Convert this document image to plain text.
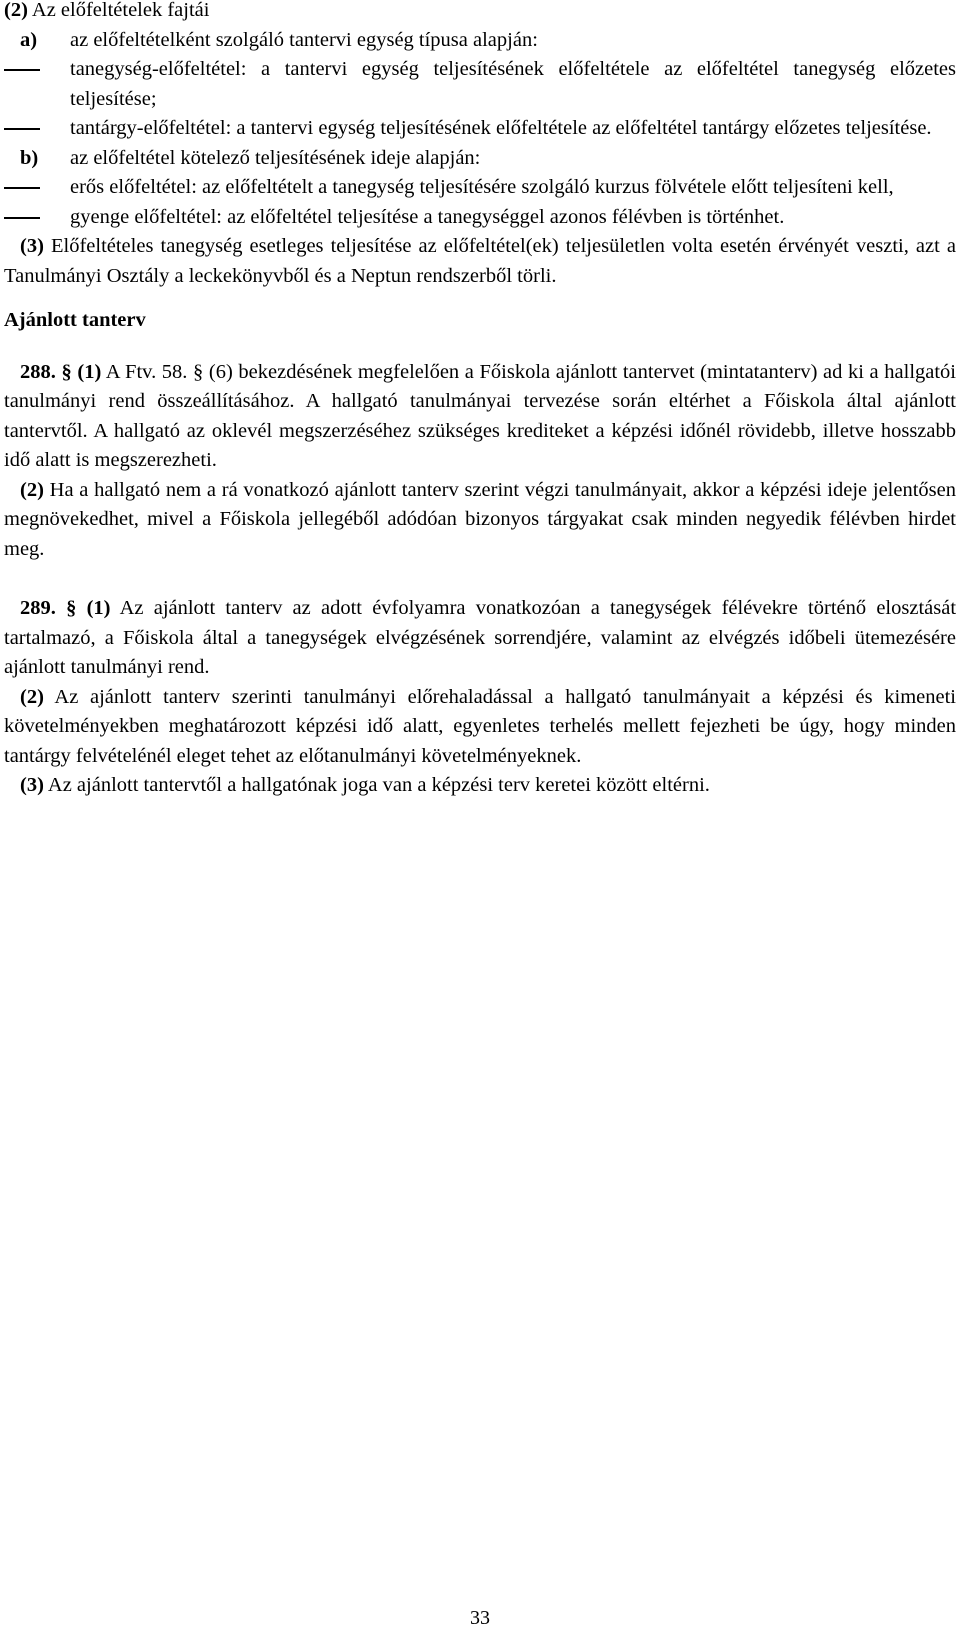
(2) Az előfeltételek fajtái
a) az előfeltételként szolgáló tantervi egység típusa alapján:
tanegység-előfeltétel: a tantervi egység teljesítésének előfeltétele az előfeltétel tanegység előzetes teljesítése;
tantárgy-előfeltétel: a tantervi egység teljesítésének előfeltétele az előfeltétel tantárgy előzetes teljesítése.
b) az előfeltétel kötelező teljesítésének ideje alapján:
erős előfeltétel: az előfeltételt a tanegység teljesítésére szolgáló kurzus fölvétele előtt teljesíteni kell,
gyenge előfeltétel: az előfeltétel teljesítése a tanegységgel azonos félévben is történhet.
(3) Előfeltételes tanegység esetleges teljesítése az előfeltétel(ek) teljesületlen volta esetén érvényét veszti, azt a Tanulmányi Osztály a leckekönyvből és a Neptun rendszerből törli.
Ajánlott tanterv
288. § (1) A Ftv. 58. § (6) bekezdésének megfelelően a Főiskola ajánlott tantervet (mintatanterv) ad ki a hallgatói tanulmányi rend összeállításához. A hallgató tanulmányai tervezése során eltérhet a Főiskola által ajánlott tantervtől. A hallgató az oklevél megszerzéséhez szükséges krediteket a képzési időnél rövidebb, illetve hosszabb idő alatt is megszerezheti.
(2) Ha a hallgató nem a rá vonatkozó ajánlott tanterv szerint végzi tanulmányait, akkor a képzési ideje jelentősen megnövekedhet, mivel a Főiskola jellegéből adódóan bizonyos tárgyakat csak minden negyedik félévben hirdet meg.
289. § (1) Az ajánlott tanterv az adott évfolyamra vonatkozóan a tanegységek félévekre történő elosztását tartalmazó, a Főiskola által a tanegységek elvégzésének sorrendjére, valamint az elvégzés időbeli ütemezésére ajánlott tanulmányi rend.
(2) Az ajánlott tanterv szerinti tanulmányi előrehaladással a hallgató tanulmányait a képzési és kimeneti követelményekben meghatározott képzési idő alatt, egyenletes terhelés mellett fejezheti be úgy, hogy minden tantárgy felvételénél eleget tehet az előtanulmányi követelményeknek.
(3) Az ajánlott tantervtől a hallgatónak joga van a képzési terv keretei között eltérni.
33
